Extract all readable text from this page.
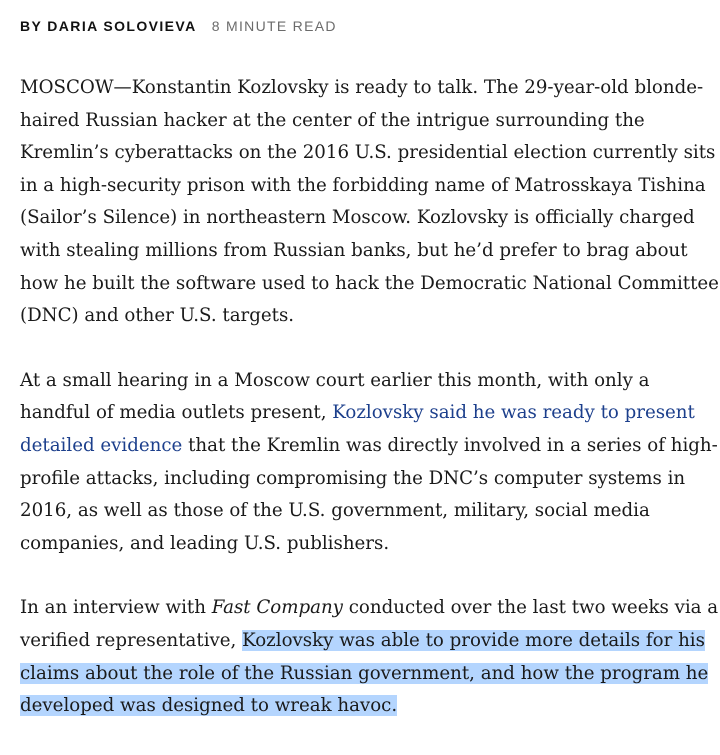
BY DARIA SOLOVIEVA 8 MINUTE READ

MOSCOW—Konstantin Kozlovsky is ready to talk. The 29-year-old blonde-
haired Russian hacker at the center of the intrigue surrounding the
Kremlin’s cyberattacks on the 2016 U.S. presidential election currently sits
in a high-security prison with the forbidding name of Matrosskaya Tishina
(Sailor’s Silence) in northeastern Moscow. Kozlovsky is officially charged
with stealing millions from Russian banks, but he’d prefer to brag about
how he built the software used to hack the Democratic National Committee
(DNC) and other U.S. targets.

At a small hearing in a Moscow court earlier this month, with only a
handful of media outlets present, Kozlovsky said he was ready to present
detailed evidence that the Kremlin was directly involved in a series of high-
profile attacks, including compromising the DNC’s computer systems in
2016, as well as those of the U.S. government, military, social media
companies, and leading U.S. publishers.

In an interview with Fast Company conducted over the last two weeks via a
verified representative, Kozlovsky was able to provide more details for his
claims about the role of the Russian government, and how the program he
developed was designed to wreak havoc.
